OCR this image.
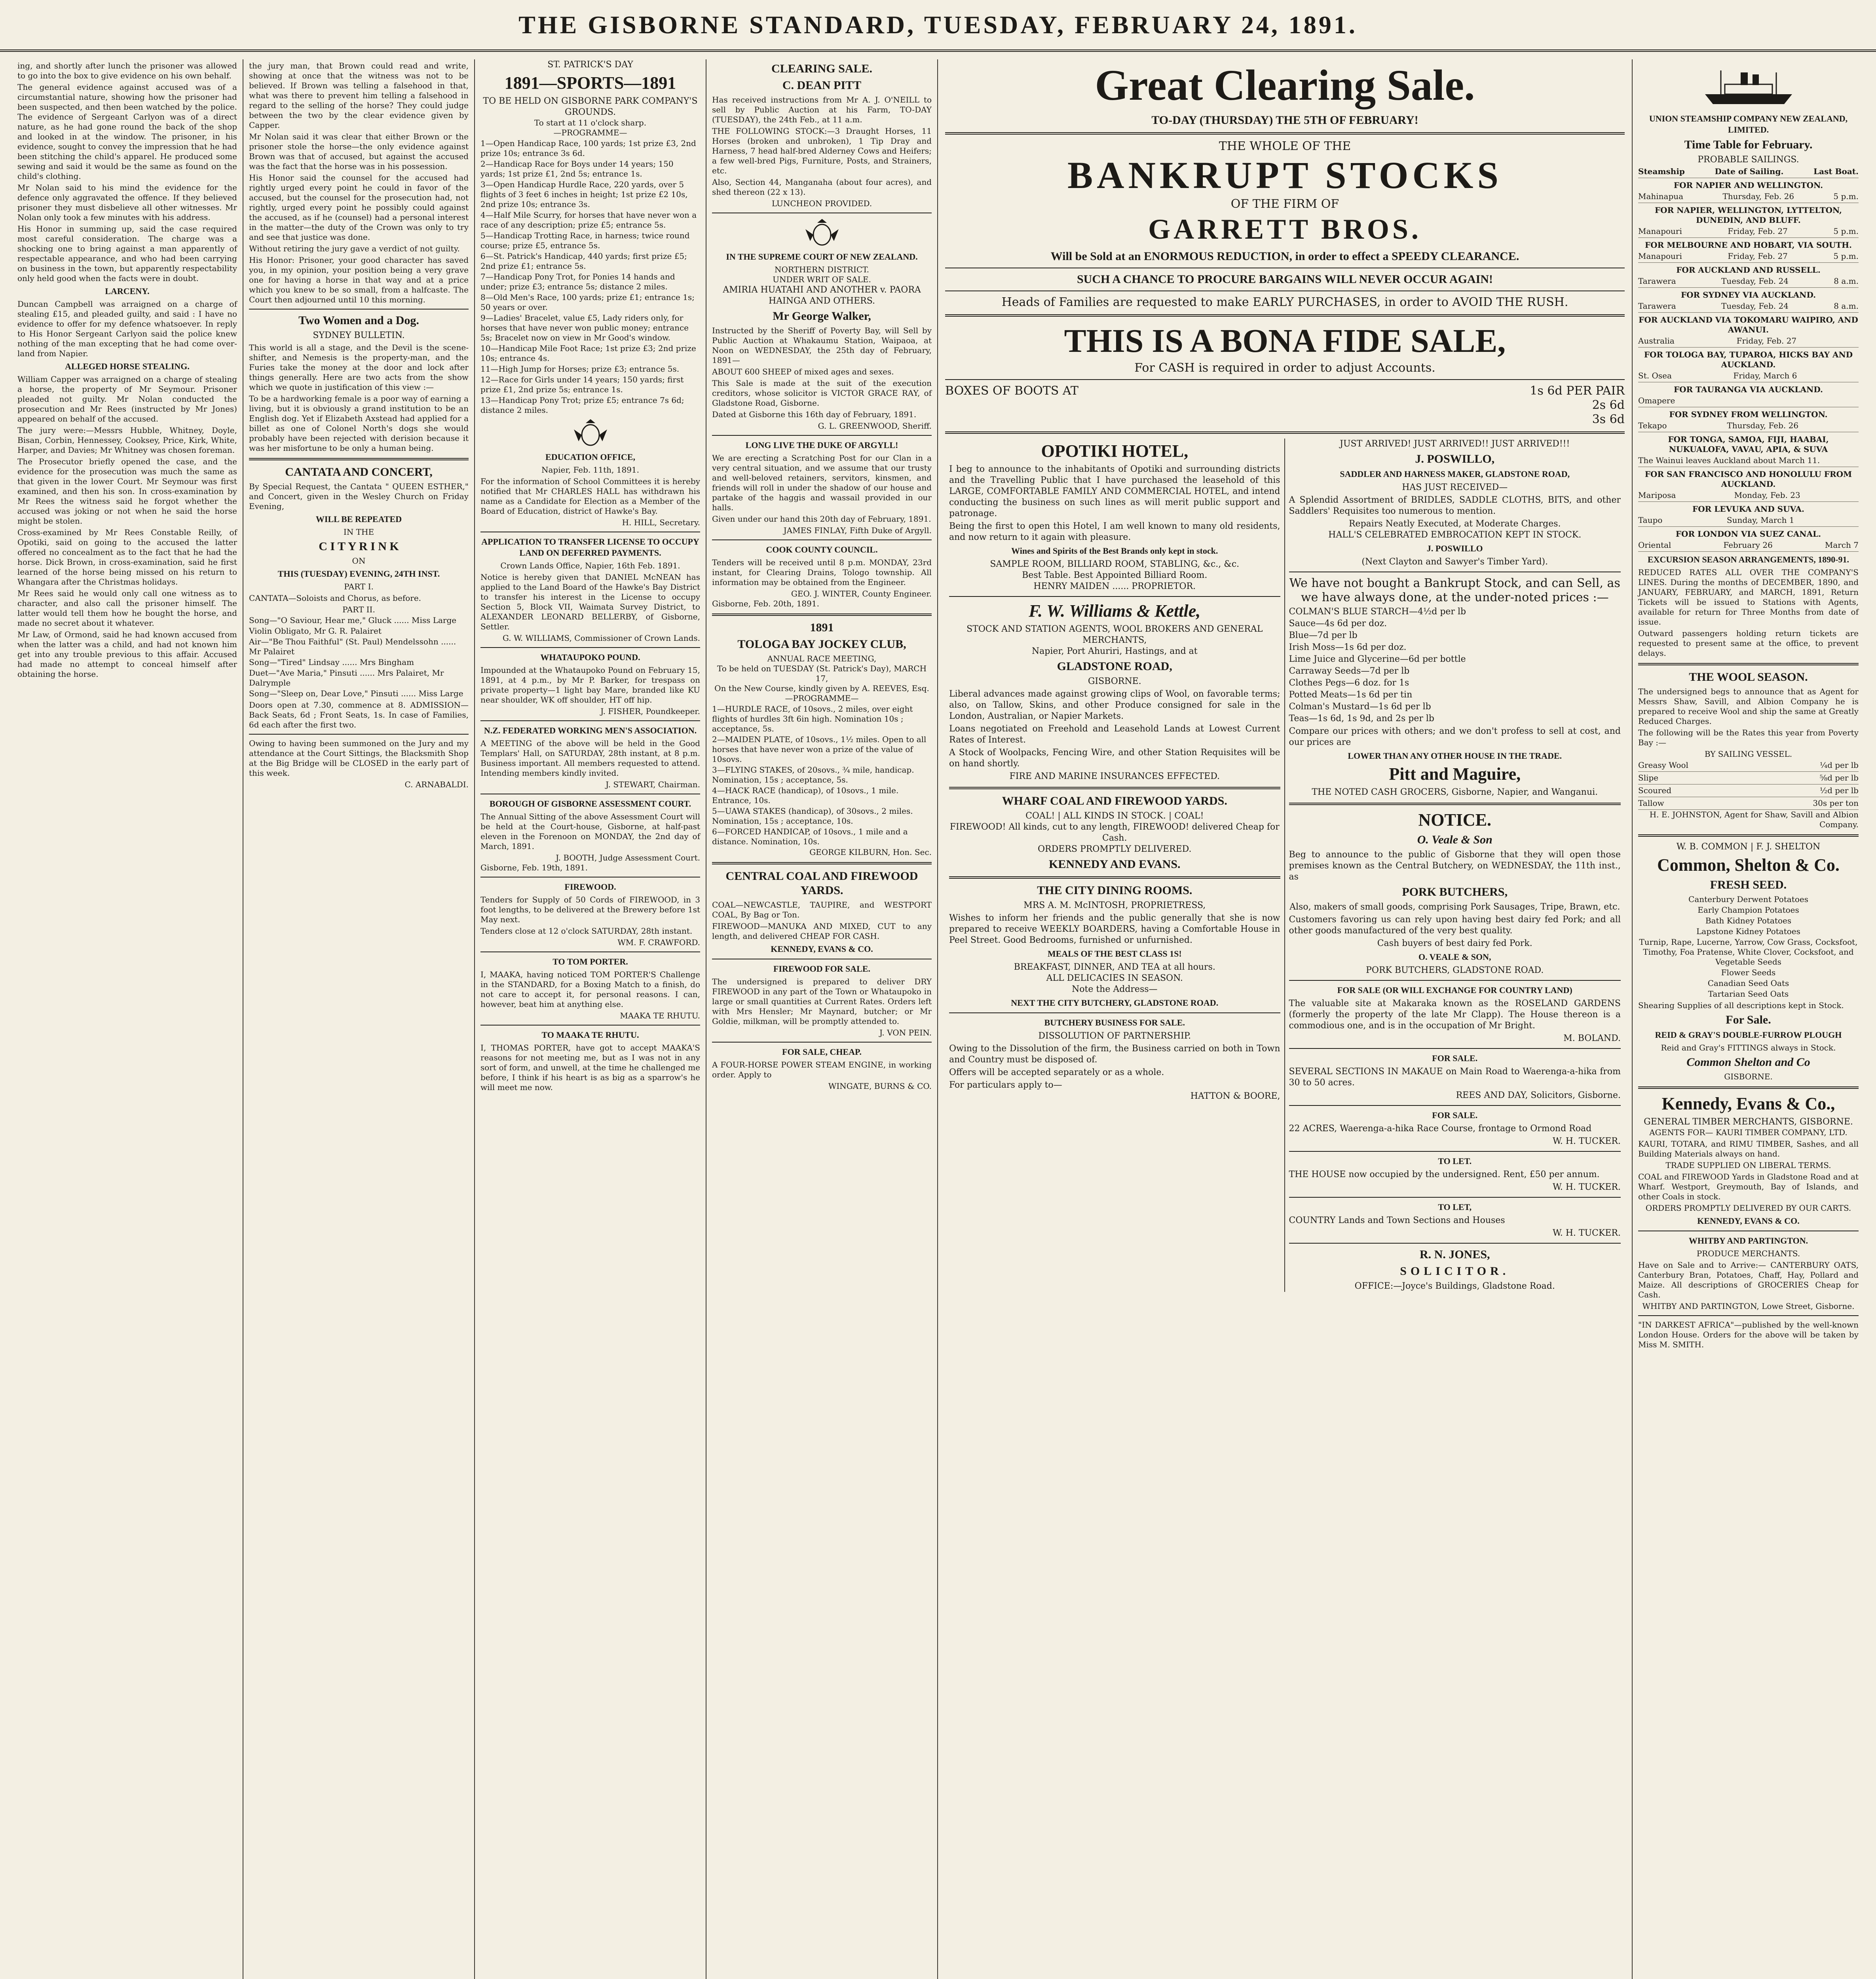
THE GISBORNE STANDARD, TUESDAY, FEBRUARY 24, 1891.

ing, and shortly after lunch the prisoner was allowed to go into the box to give evidence on his own behalf.

The general evidence against accused was of a circumstantial nature, showing how the prisoner had been suspected, and then been watched by the police. The evidence of Sergeant Carlyon was of a direct nature, as he had gone round the back of the shop and looked in at the window. The prisoner, in his evidence, sought to convey the impression that he had been stitching the child's apparel. He produced some sewing and said it would be the same as found on the child's clothing.

Mr Nolan said to his mind the evidence for the defence only aggravated the offence. If they believed prisoner they must disbelieve all other witnesses. Mr Nolan only took a few minutes with his address.

His Honor in summing up, said the case required most careful consideration. The charge was a shocking one to bring against a man apparently of respectable appearance, and who had been carrying on business in the town, but apparently respectability only held good when the facts were in doubt.

LARCENY.

Duncan Campbell was arraigned on a charge of stealing £15, and pleaded guilty, and said : I have no evidence to offer for my defence whatsoever. In reply to His Honor Sergeant Carlyon said the police knew nothing of the man excepting that he had come over-land from Napier.

ALLEGED HORSE STEALING.

William Capper was arraigned on a charge of stealing a horse, the property of Mr Seymour. Prisoner pleaded not guilty. Mr Nolan conducted the prosecution and Mr Rees (instructed by Mr Jones) appeared on behalf of the accused.

The jury were:—Messrs Hubble, Whitney, Doyle, Bisan, Corbin, Hennessey, Cooksey, Price, Kirk, White, Harper, and Davies; Mr Whitney was chosen foreman.

The Prosecutor briefly opened the case, and the evidence for the prosecution was much the same as that given in the lower Court. Mr Seymour was first examined, and then his son. In cross-examination by Mr Rees the witness said he forgot whether the accused was joking or not when he said the horse might be stolen.

Cross-examined by Mr Rees Constable Reilly, of Opotiki, said on going to the accused the latter offered no concealment as to the fact that he had the horse. Dick Brown, in cross-examination, said he first learned of the horse being missed on his return to Whangara after the Christmas holidays.

Mr Rees said he would only call one witness as to character, and also call the prisoner himself. The latter would tell them how he bought the horse, and made no secret about it whatever.

Mr Law, of Ormond, said he had known accused from when the latter was a child, and had not known him get into any trouble previous to this affair. Accused had made no attempt to conceal himself after obtaining the horse.

the jury man, that Brown could read and write, showing at once that the witness was not to be believed. If Brown was telling a falsehood in that, what was there to prevent him telling a falsehood in regard to the selling of the horse? They could judge between the two by the clear evidence given by Capper.

Mr Nolan said it was clear that either Brown or the prisoner stole the horse—the only evidence against Brown was that of accused, but against the accused was the fact that the horse was in his possession.

His Honor said the counsel for the accused had rightly urged every point he could in favor of the accused, but the counsel for the prosecution had, not rightly, urged every point he possibly could against the accused, as if he (counsel) had a personal interest in the matter—the duty of the Crown was only to try and see that justice was done.

Without retiring the jury gave a verdict of not guilty.

His Honor: Prisoner, your good character has saved you, in my opinion, your position being a very grave one for having a horse in that way and at a price which you knew to be so small, from a halfcaste. The Court then adjourned until 10 this morning.

Two Women and a Dog.
SYDNEY BULLETIN.

This world is all a stage, and the Devil is the scene-shifter, and Nemesis is the property-man, and the Furies take the money at the door and lock after things generally. Here are two acts from the show which we quote in justification of this view :—

To be a hardworking female is a poor way of earning a living, but it is obviously a grand institution to be an English dog. Yet if Elizabeth Axstead had applied for a billet as one of Colonel North's dogs she would probably have been rejected with derision because it was her misfortune to be only a human being.

CANTATA AND CONCERT,

By Special Request, the Cantata " QUEEN ESTHER," and Concert, given in the Wesley Church on Friday Evening,

WILL BE REPEATED
IN THE
C I T Y R I N K
ON
THIS (TUESDAY) EVENING, 24TH INST.
PART I.

CANTATA—Soloists and Chorus, as before.

PART II.
Song—"O Saviour, Hear me," Gluck ...... Miss Large
Violin Obligato, Mr G. R. Palairet
Air—"Be Thou Faithful" (St. Paul) Mendelssohn ...... Mr Palairet
Song—"Tired" Lindsay ...... Mrs Bingham
Duet—"Ave Maria," Pinsuti ...... Mrs Palairet, Mr Dalrymple
Song—"Sleep on, Dear Love," Pinsuti ...... Miss Large

Doors open at 7.30, commence at 8. ADMISSION—Back Seats, 6d ; Front Seats, 1s. In case of Families, 6d each after the first two.

Owing to having been summoned on the Jury and my attendance at the Court Sittings, the Blacksmith Shop at the Big Bridge will be CLOSED in the early part of this week.

C. ARNABALDI.
ST. PATRICK'S DAY
1891—SPORTS—1891
TO BE HELD ON GISBORNE PARK COMPANY'S GROUNDS.
To start at 11 o'clock sharp.
—PROGRAMME—
1—Open Handicap Race, 100 yards; 1st prize £3, 2nd prize 10s; entrance 3s 6d.
2—Handicap Race for Boys under 14 years; 150 yards; 1st prize £1, 2nd 5s; entrance 1s.
3—Open Handicap Hurdle Race, 220 yards, over 5 flights of 3 feet 6 inches in height; 1st prize £2 10s, 2nd prize 10s; entrance 3s.
4—Half Mile Scurry, for horses that have never won a race of any description; prize £5; entrance 5s.
5—Handicap Trotting Race, in harness; twice round course; prize £5, entrance 5s.
6—St. Patrick's Handicap, 440 yards; first prize £5; 2nd prize £1; entrance 5s.
7—Handicap Pony Trot, for Ponies 14 hands and under; prize £3; entrance 5s; distance 2 miles.
8—Old Men's Race, 100 yards; prize £1; entrance 1s; 50 years or over.
9—Ladies' Bracelet, value £5, Lady riders only, for horses that have never won public money; entrance 5s; Bracelet now on view in Mr Good's window.
10—Handicap Mile Foot Race; 1st prize £3; 2nd prize 10s; entrance 4s.
11—High Jump for Horses; prize £3; entrance 5s.
12—Race for Girls under 14 years; 150 yards; first prize £1, 2nd prize 5s; entrance 1s.
13—Handicap Pony Trot; prize £5; entrance 7s 6d; distance 2 miles.
EDUCATION OFFICE,
Napier, Feb. 11th, 1891.

For the information of School Committees it is hereby notified that Mr CHARLES HALL has withdrawn his name as a Candidate for Election as a Member of the Board of Education, district of Hawke's Bay.

H. HILL, Secretary.
APPLICATION TO TRANSFER LICENSE TO OCCUPY LAND ON DEFERRED PAYMENTS.
Crown Lands Office, Napier, 16th Feb. 1891.

Notice is hereby given that DANIEL McNEAN has applied to the Land Board of the Hawke's Bay District to transfer his interest in the License to occupy Section 5, Block VII, Waimata Survey District, to ALEXANDER LEONARD BELLERBY, of Gisborne, Settler.

G. W. WILLIAMS, Commissioner of Crown Lands.
WHATAUPOKO POUND.

Impounded at the Whataupoko Pound on February 15, 1891, at 4 p.m., by Mr P. Barker, for trespass on private property—1 light bay Mare, branded like KU near shoulder, WK off shoulder, HT off hip.

J. FISHER, Poundkeeper.
N.Z. FEDERATED WORKING MEN'S ASSOCIATION.

A MEETING of the above will be held in the Good Templars' Hall, on SATURDAY, 28th instant, at 8 p.m. Business important. All members requested to attend. Intending members kindly invited.

J. STEWART, Chairman.
BOROUGH OF GISBORNE ASSESSMENT COURT.

The Annual Sitting of the above Assessment Court will be held at the Court-house, Gisborne, at half-past eleven in the Forenoon on MONDAY, the 2nd day of March, 1891.

J. BOOTH, Judge Assessment Court.
Gisborne, Feb. 19th, 1891.
FIREWOOD.

Tenders for Supply of 50 Cords of FIREWOOD, in 3 foot lengths, to be delivered at the Brewery before 1st May next.

Tenders close at 12 o'clock SATURDAY, 28th instant.

WM. F. CRAWFORD.
TO TOM PORTER.

I, MAAKA, having noticed TOM PORTER'S Challenge in the STANDARD, for a Boxing Match to a finish, do not care to accept it, for personal reasons. I can, however, beat him at anything else.

MAAKA TE RHUTU.
TO MAAKA TE RHUTU.

I, THOMAS PORTER, have got to accept MAAKA'S reasons for not meeting me, but as I was not in any sort of form, and unwell, at the time he challenged me before, I think if his heart is as big as a sparrow's he will meet me now.

CLEARING SALE.
C. DEAN PITT

Has received instructions from Mr A. J. O'NEILL to sell by Public Auction at his Farm, TO-DAY (TUESDAY), the 24th Feb., at 11 a.m.

THE FOLLOWING STOCK:—3 Draught Horses, 11 Horses (broken and unbroken), 1 Tip Dray and Harness, 7 head half-bred Alderney Cows and Heifers; a few well-bred Pigs, Furniture, Posts, and Strainers, etc.

Also, Section 44, Manganaha (about four acres), and shed thereon (22 x 13).

LUNCHEON PROVIDED.
IN THE SUPREME COURT OF NEW ZEALAND.
NORTHERN DISTRICT.
UNDER WRIT OF SALE.
AMIRIA HUATAHI AND ANOTHER v. PAORA HAINGA AND OTHERS.
Mr George Walker,

Instructed by the Sheriff of Poverty Bay, will Sell by Public Auction at Whakaumu Station, Waipaoa, at Noon on WEDNESDAY, the 25th day of February, 1891—

ABOUT 600 SHEEP of mixed ages and sexes.

This Sale is made at the suit of the execution creditors, whose solicitor is VICTOR GRACE RAY, of Gladstone Road, Gisborne.

Dated at Gisborne this 16th day of February, 1891.

G. L. GREENWOOD, Sheriff.
LONG LIVE THE DUKE OF ARGYLL!

We are erecting a Scratching Post for our Clan in a very central situation, and we assume that our trusty and well-beloved retainers, servitors, kinsmen, and friends will roll in under the shadow of our house and partake of the haggis and wassail provided in our halls.

Given under our hand this 20th day of February, 1891.

JAMES FINLAY, Fifth Duke of Argyll.
COOK COUNTY COUNCIL.

Tenders will be received until 8 p.m. MONDAY, 23rd instant, for Clearing Drains, Tologo township. All information may be obtained from the Engineer.

GEO. J. WINTER, County Engineer.
Gisborne, Feb. 20th, 1891.
1891
TOLOGA BAY JOCKEY CLUB,
ANNUAL RACE MEETING,
To be held on TUESDAY (St. Patrick's Day), MARCH 17,
On the New Course, kindly given by A. REEVES, Esq.
—PROGRAMME—
1—HURDLE RACE, of 10sovs., 2 miles, over eight flights of hurdles 3ft 6in high. Nomination 10s ; acceptance, 5s.
2—MAIDEN PLATE, of 10sovs., 1½ miles. Open to all horses that have never won a prize of the value of 10sovs.
3—FLYING STAKES, of 20sovs., ¾ mile, handicap. Nomination, 15s ; acceptance, 5s.
4—HACK RACE (handicap), of 10sovs., 1 mile. Entrance, 10s.
5—UAWA STAKES (handicap), of 30sovs., 2 miles. Nomination, 15s ; acceptance, 10s.
6—FORCED HANDICAP, of 10sovs., 1 mile and a distance. Nomination, 10s.
GEORGE KILBURN, Hon. Sec.
CENTRAL COAL AND FIREWOOD YARDS.

COAL—NEWCASTLE, TAUPIRE, and WESTPORT COAL, By Bag or Ton.

FIREWOOD—MANUKA AND MIXED, CUT to any length, and delivered CHEAP FOR CASH.

KENNEDY, EVANS & CO.
FIREWOOD FOR SALE.

The undersigned is prepared to deliver DRY FIREWOOD in any part of the Town or Whataupoko in large or small quantities at Current Rates. Orders left with Mrs Hensler; Mr Maynard, butcher; or Mr Goldie, milkman, will be promptly attended to.

J. VON PEIN.
FOR SALE, CHEAP.

A FOUR-HORSE POWER STEAM ENGINE, in working order. Apply to

WINGATE, BURNS & CO.
Great Clearing Sale.
TO-DAY (THURSDAY) THE 5TH OF FEBRUARY!
THE WHOLE OF THE
BANKRUPT STOCKS
OF THE FIRM OF
GARRETT BROS.
Will be Sold at an ENORMOUS REDUCTION, in order to effect a SPEEDY CLEARANCE.
SUCH A CHANCE TO PROCURE BARGAINS WILL NEVER OCCUR AGAIN!
Heads of Families are requested to make EARLY PURCHASES, in order to AVOID THE RUSH.
THIS IS A BONA FIDE SALE,
For CASH is required in order to adjust Accounts.
BOXES OF BOOTS AT	1s 6d PER PAIR
2s 6d
3s 6d
OPOTIKI HOTEL,

I beg to announce to the inhabitants of Opotiki and surrounding districts and the Travelling Public that I have purchased the leasehold of this LARGE, COMFORTABLE FAMILY AND COMMERCIAL HOTEL, and intend conducting the business on such lines as will merit public support and patronage.

Being the first to open this Hotel, I am well known to many old residents, and now return to it again with pleasure.

Wines and Spirits of the Best Brands only kept in stock.
SAMPLE ROOM, BILLIARD ROOM, STABLING, &c., &c.
Best Table. Best Appointed Billiard Room.
HENRY MAIDEN ...... PROPRIETOR.
F. W. Williams & Kettle,
STOCK AND STATION AGENTS, WOOL BROKERS AND GENERAL MERCHANTS,
Napier, Port Ahuriri, Hastings, and at
GLADSTONE ROAD,
GISBORNE.

Liberal advances made against growing clips of Wool, on favorable terms; also, on Tallow, Skins, and other Produce consigned for sale in the London, Australian, or Napier Markets.

Loans negotiated on Freehold and Leasehold Lands at Lowest Current Rates of Interest.

A Stock of Woolpacks, Fencing Wire, and other Station Requisites will be on hand shortly.

FIRE AND MARINE INSURANCES EFFECTED.
WHARF COAL AND FIREWOOD YARDS.
COAL! | ALL KINDS IN STOCK. | COAL!
FIREWOOD! All kinds, cut to any length, FIREWOOD! delivered Cheap for Cash.
ORDERS PROMPTLY DELIVERED.
KENNEDY AND EVANS.
THE CITY DINING ROOMS.
MRS A. M. McINTOSH, PROPRIETRESS,

Wishes to inform her friends and the public generally that she is now prepared to receive WEEKLY BOARDERS, having a Comfortable House in Peel Street. Good Bedrooms, furnished or unfurnished.

MEALS OF THE BEST CLASS 1S!
BREAKFAST, DINNER, AND TEA at all hours.
ALL DELICACIES IN SEASON.
Note the Address—
NEXT THE CITY BUTCHERY, GLADSTONE ROAD.
BUTCHERY BUSINESS FOR SALE.
DISSOLUTION OF PARTNERSHIP.

Owing to the Dissolution of the firm, the Business carried on both in Town and Country must be disposed of.

Offers will be accepted separately or as a whole.

For particulars apply to—
HATTON & BOORE,
JUST ARRIVED! JUST ARRIVED!! JUST ARRIVED!!!
J. POSWILLO,
SADDLER AND HARNESS MAKER, GLADSTONE ROAD,
HAS JUST RECEIVED—

A Splendid Assortment of BRIDLES, SADDLE CLOTHS, BITS, and other Saddlers' Requisites too numerous to mention.

Repairs Neatly Executed, at Moderate Charges.
HALL'S CELEBRATED EMBROCATION KEPT IN STOCK.
J. POSWILLO
(Next Clayton and Sawyer's Timber Yard).

We have not bought a Bankrupt Stock, and can Sell, as we have always done, at the under-noted prices :—

COLMAN'S BLUE STARCH—4½d per lb
Sauce—4s 6d per doz.
Blue—7d per lb
Irish Moss—1s 6d per doz.
Lime Juice and Glycerine—6d per bottle
Carraway Seeds—7d per lb
Clothes Pegs—6 doz. for 1s
Potted Meats—1s 6d per tin
Colman's Mustard—1s 6d per lb
Teas—1s 6d, 1s 9d, and 2s per lb

Compare our prices with others; and we don't profess to sell at cost, and our prices are

LOWER THAN ANY OTHER HOUSE IN THE TRADE.
Pitt and Maguire,
THE NOTED CASH GROCERS, Gisborne, Napier, and Wanganui.
NOTICE.
O. Veale & Son

Beg to announce to the public of Gisborne that they will open those premises known as the Central Butchery, on WEDNESDAY, the 11th inst., as

PORK BUTCHERS,
Also, makers of small goods, comprising Pork Sausages, Tripe, Brawn, etc.

Customers favoring us can rely upon having best dairy fed Pork; and all other goods manufactured of the very best quality.

Cash buyers of best dairy fed Pork.
O. VEALE & SON,
PORK BUTCHERS, GLADSTONE ROAD.
FOR SALE (OR WILL EXCHANGE FOR COUNTRY LAND)

The valuable site at Makaraka known as the ROSELAND GARDENS (formerly the property of the late Mr Clapp). The House thereon is a commodious one, and is in the occupation of Mr Bright.

M. BOLAND.
FOR SALE.

SEVERAL SECTIONS IN MAKAUE on Main Road to Waerenga-a-hika from 30 to 50 acres.

REES AND DAY, Solicitors, Gisborne.
FOR SALE.

22 ACRES, Waerenga-a-hika Race Course, frontage to Ormond Road

W. H. TUCKER.
TO LET.

THE HOUSE now occupied by the undersigned. Rent, £50 per annum.

W. H. TUCKER.
TO LET,

COUNTRY Lands and Town Sections and Houses

W. H. TUCKER.
R. N. JONES,
SOLICITOR.
OFFICE:—Joyce's Buildings, Gladstone Road.
UNION STEAMSHIP COMPANY NEW ZEALAND, LIMITED.
Time Table for February.
PROBABLE SAILINGS.
Steamship	Date of Sailing.	Last Boat.
FOR NAPIER AND WELLINGTON.
Mahinapua	Thursday, Feb. 26	5 p.m.
FOR NAPIER, WELLINGTON, LYTTELTON, DUNEDIN, AND BLUFF.
Manapouri	Friday, Feb. 27	5 p.m.
FOR MELBOURNE AND HOBART, VIA SOUTH.
Manapouri	Friday, Feb. 27	5 p.m.
FOR AUCKLAND AND RUSSELL.
Tarawera	Tuesday, Feb. 24	8 a.m.
FOR SYDNEY VIA AUCKLAND.
Tarawera	Tuesday, Feb. 24	8 a.m.
FOR AUCKLAND VIA TOKOMARU WAIPIRO, AND AWANUI.
Australia	Friday, Feb. 27
FOR TOLOGA BAY, TUPAROA, HICKS BAY AND AUCKLAND.
St. Osea	Friday, March 6
FOR TAURANGA VIA AUCKLAND.
Omapere
FOR SYDNEY FROM WELLINGTON.
Tekapo	Thursday, Feb. 26
FOR TONGA, SAMOA, FIJI, HAABAI, NUKUALOFA, VAVAU, APIA, & SUVA
The Wainui leaves Auckland about March 11.
FOR SAN FRANCISCO AND HONOLULU FROM AUCKLAND.
Mariposa	Monday, Feb. 23
FOR LEVUKA AND SUVA.
Taupo	Sunday, March 1
FOR LONDON VIA SUEZ CANAL.
Oriental	February 26	March 7
EXCURSION SEASON ARRANGEMENTS, 1890-91.

REDUCED RATES ALL OVER THE COMPANY'S LINES. During the months of DECEMBER, 1890, and JANUARY, FEBRUARY, and MARCH, 1891, Return Tickets will be issued to Stations with Agents, available for return for Three Months from date of issue.

Outward passengers holding return tickets are requested to present same at the office, to prevent delays.

THE WOOL SEASON.

The undersigned begs to announce that as Agent for Messrs Shaw, Savill, and Albion Company he is prepared to receive Wool and ship the same at Greatly Reduced Charges.

The following will be the Rates this year from Poverty Bay :—

BY SAILING VESSEL.
Greasy Wool	¼d per lb
Slipe	⅝d per lb
Scoured	½d per lb
Tallow	30s per ton
H. E. JOHNSTON, Agent for Shaw, Savill and Albion Company.
W. B. COMMON | F. J. SHELTON
Common, Shelton & Co.
FRESH SEED.
Canterbury Derwent Potatoes
Early Champion Potatoes
Bath Kidney Potatoes
Lapstone Kidney Potatoes
Turnip, Rape, Lucerne, Yarrow, Cow Grass, Cocksfoot, Timothy, Foa Pratense, White Clover, Cocksfoot, and Vegetable Seeds
Flower Seeds
Canadian Seed Oats
Tartarian Seed Oats

Shearing Supplies of all descriptions kept in Stock.

For Sale.
REID & GRAY'S DOUBLE-FURROW PLOUGH
Reid and Gray's FITTINGS always in Stock.
Common Shelton and Co
GISBORNE.
Kennedy, Evans & Co.,
GENERAL TIMBER MERCHANTS, GISBORNE.
AGENTS FOR— KAURI TIMBER COMPANY, LTD.

KAURI, TOTARA, and RIMU TIMBER, Sashes, and all Building Materials always on hand.

TRADE SUPPLIED ON LIBERAL TERMS.

COAL and FIREWOOD Yards in Gladstone Road and at Wharf. Westport, Greymouth, Bay of Islands, and other Coals in stock.

ORDERS PROMPTLY DELIVERED BY OUR CARTS.
KENNEDY, EVANS & CO.
WHITBY AND PARTINGTON.
PRODUCE MERCHANTS.

Have on Sale and to Arrive:— CANTERBURY OATS, Canterbury Bran, Potatoes, Chaff, Hay, Pollard and Maize. All descriptions of GROCERIES Cheap for Cash.

WHITBY AND PARTINGTON, Lowe Street, Gisborne.

"IN DARKEST AFRICA"—published by the well-known London House. Orders for the above will be taken by Miss M. SMITH.
